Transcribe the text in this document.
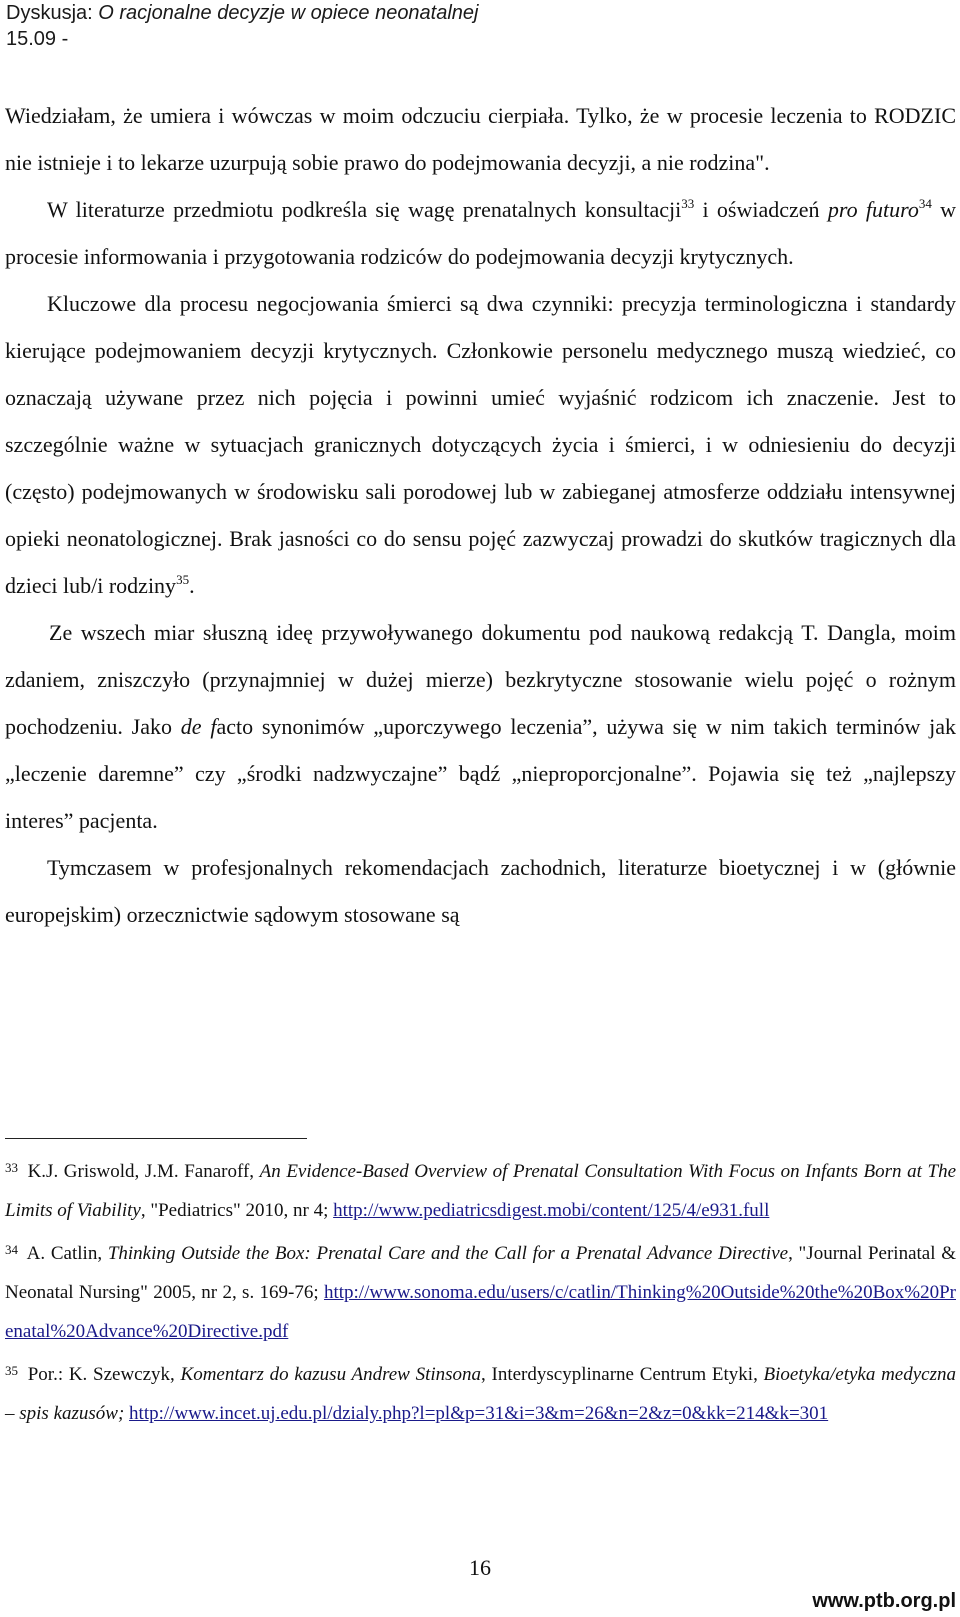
Dyskusja: O racjonalne decyzje w opiece neonatalnej
15.09 -

Wiedziałam, że umiera i wówczas w moim odczuciu cierpiała. Tylko, że w procesie leczenia to RODZIC nie istnieje i to lekarze uzurpują sobie prawo do podejmowania decyzji, a nie rodzina".

W literaturze przedmiotu podkreśla się wagę prenatalnych konsultacji$^{33}$ i oświadczeń pro futuro$^{34}$ w procesie informowania i przygotowania rodziców do podejmowania decyzji krytycznych.

Kluczowe dla procesu negocjowania śmierci są dwa czynniki: precyzja terminologiczna i standardy kierujące podejmowaniem decyzji krytycznych. Członkowie personelu medycznego muszą wiedzieć, co oznaczają używane przez nich pojęcia i powinni umieć wyjaśnić rodzicom ich znaczenie. Jest to szczególnie ważne w sytuacjach granicznych dotyczących życia i śmierci, i w odniesieniu do decyzji (często) podejmowanych w środowisku sali porodowej lub w zabieganej atmosferze oddziału intensywnej opieki neonatologicznej. Brak jasności co do sensu pojęć zazwyczaj prowadzi do skutków tragicznych dla dzieci lub/i rodziny$^{35}$.

Ze wszech miar słuszną ideę przywoływanego dokumentu pod naukową redakcją T. Dangla, moim zdaniem, zniszczyło (przynajmniej w dużej mierze) bezkrytyczne stosowanie wielu pojęć o rożnym pochodzeniu. Jako de facto synonimów „uporczywego leczenia”, używa się w nim takich terminów jak „leczenie daremne” czy „środki nadzwyczajne” bądź „nieproporcjonalne”. Pojawia się też „najlepszy interes” pacjenta.

Tymczasem w profesjonalnych rekomendacjach zachodnich, literaturze bioetycznej i w (głównie europejskim) orzecznictwie sądowym stosowane są

$^{33}$ K.J. Griswold, J.M. Fanaroff, An Evidence-Based Overview of Prenatal Consultation With Focus on Infants Born at The Limits of Viability, "Pediatrics" 2010, nr 4; http://www.pediatricsdigest.mobi/content/125/4/e931.full

$^{34}$ A. Catlin, Thinking Outside the Box: Prenatal Care and the Call for a Prenatal Advance Directive, "Journal Perinatal & Neonatal Nursing" 2005, nr 2, s. 169-76; http://www.sonoma.edu/users/c/catlin/Thinking%20Outside%20the%20Box%20Prenatal%20Advance%20Directive.pdf

$^{35}$ Por.: K. Szewczyk, Komentarz do kazusu Andrew Stinsona, Interdyscyplinarne Centrum Etyki, Bioetyka/etyka medyczna – spis kazusów; http://www.incet.uj.edu.pl/dzialy.php?l=pl&p=31&i=3&m=26&n=2&z=0&kk=214&k=301

16
www.ptb.org.pl
